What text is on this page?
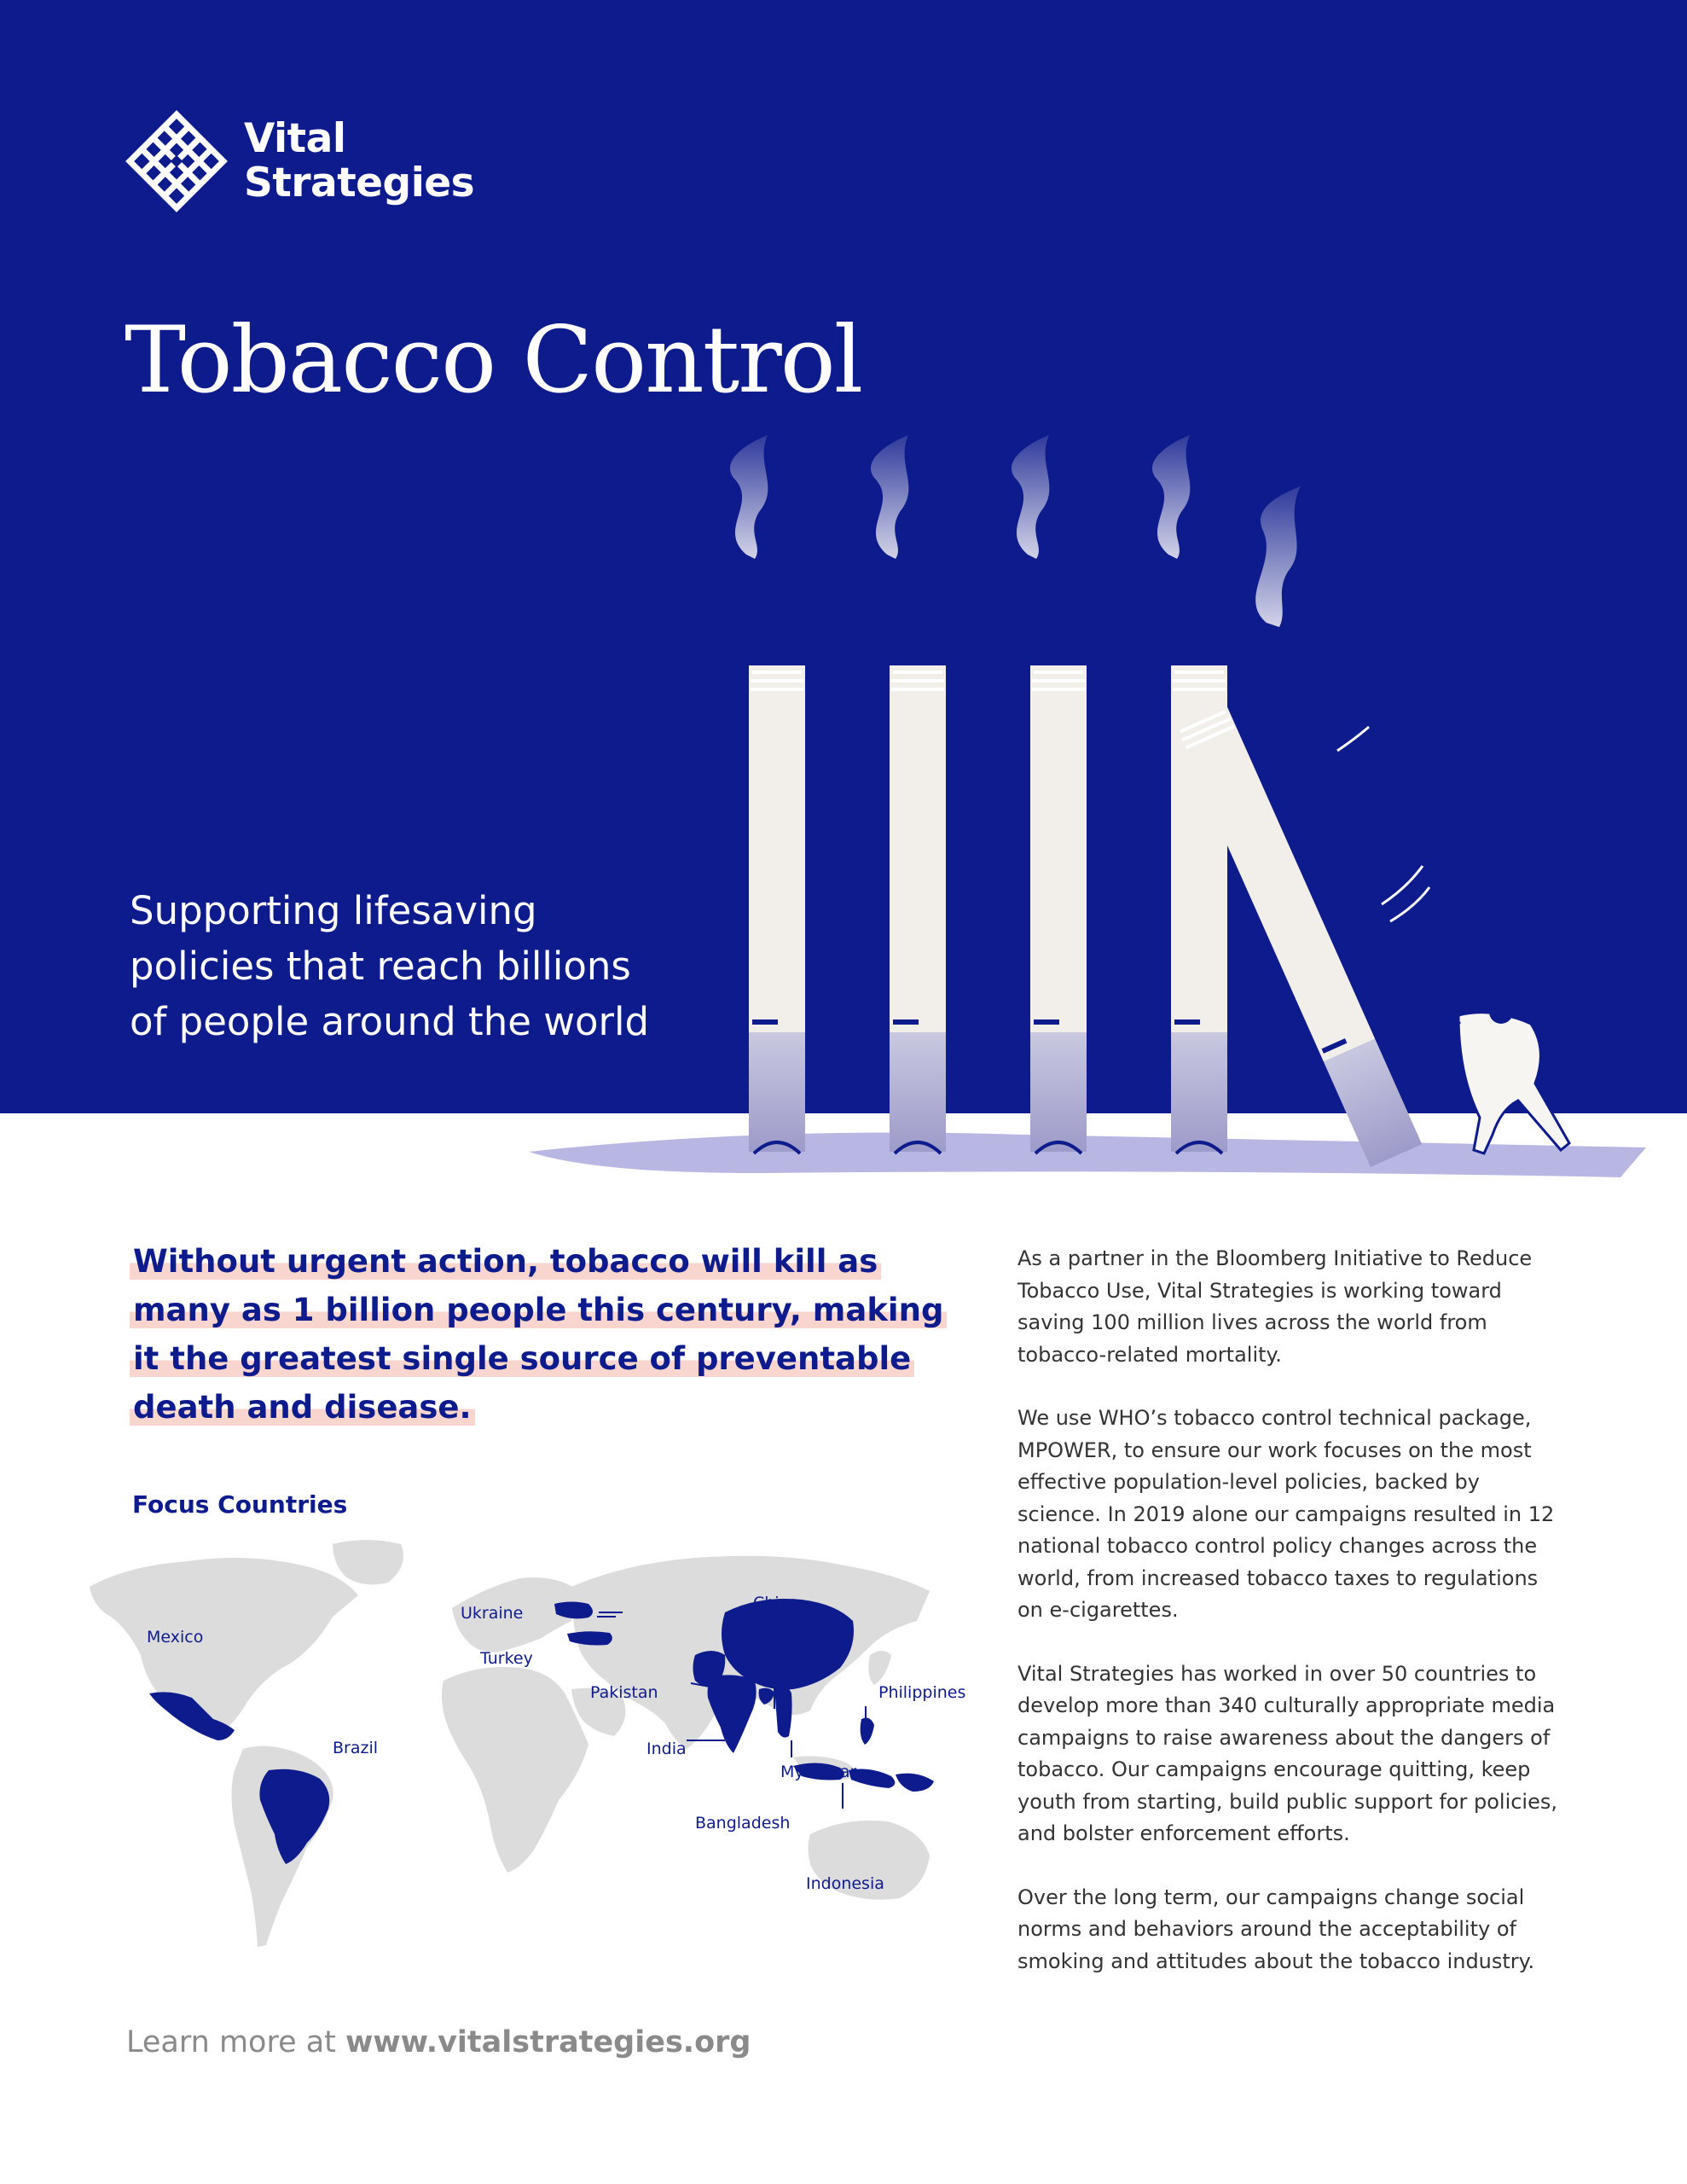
Vital
Strategies
Tobacco Control

Supporting lifesaving
policies that reach billions
of people around the world

Without urgent action, tobacco will kill as many as 1 billion people this century, making it the greatest single source of preventable death and disease.
Focus Countries
Mexico
Brazil
Ukraine
Turkey
China
Pakistan
India
Bangladesh
Myanmar
Philippines
Indonesia

As a partner in the Bloomberg Initiative to Reduce Tobacco Use, Vital Strategies is working toward saving 100 million lives across the world from tobacco-related mortality.

We use WHO’s tobacco control technical package, MPOWER, to ensure our work focuses on the most effective population-level policies, backed by science. In 2019 alone our campaigns resulted in 12 national tobacco control policy changes across the world, from increased tobacco taxes to regulations on e-cigarettes.

Vital Strategies has worked in over 50 countries to develop more than 340 culturally appropriate media campaigns to raise awareness about the dangers of tobacco. Our campaigns encourage quitting, keep youth from starting, build public support for policies, and bolster enforcement efforts.

Over the long term, our campaigns change social norms and behaviors around the acceptability of smoking and attitudes about the tobacco industry.

Learn more at www.vitalstrategies.org
